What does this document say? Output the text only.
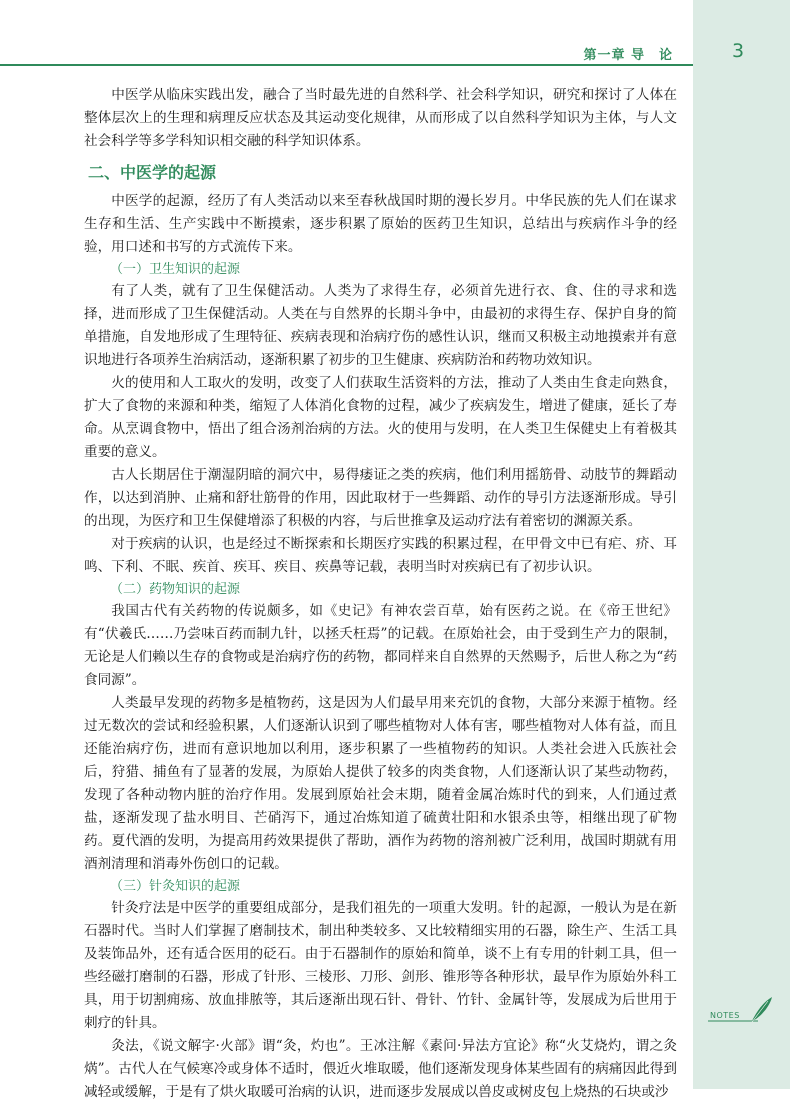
3
第一章 导　论

中医学从临床实践出发，融合了当时最先进的自然科学、社会科学知识，研究和探讨了人体在整体层次上的生理和病理反应状态及其运动变化规律，从而形成了以自然科学知识为主体，与人文社会科学等多学科知识相交融的科学知识体系。

二、中医学的起源

中医学的起源，经历了有人类活动以来至春秋战国时期的漫长岁月。中华民族的先人们在谋求生存和生活、生产实践中不断摸索，逐步积累了原始的医药卫生知识，总结出与疾病作斗争的经验，用口述和书写的方式流传下来。

（一）卫生知识的起源

有了人类，就有了卫生保健活动。人类为了求得生存，必须首先进行衣、食、住的寻求和选择，进而形成了卫生保健活动。人类在与自然界的长期斗争中，由最初的求得生存、保护自身的简单措施，自发地形成了生理特征、疾病表现和治病疗伤的感性认识，继而又积极主动地摸索并有意识地进行各项养生治病活动，逐渐积累了初步的卫生健康、疾病防治和药物功效知识。

火的使用和人工取火的发明，改变了人们获取生活资料的方法，推动了人类由生食走向熟食，扩大了食物的来源和种类，缩短了人体消化食物的过程，减少了疾病发生，增进了健康，延长了寿命。从烹调食物中，悟出了组合汤剂治病的方法。火的使用与发明，在人类卫生保健史上有着极其重要的意义。

古人长期居住于潮湿阴暗的洞穴中，易得痿证之类的疾病，他们利用摇筋骨、动肢节的舞蹈动作，以达到消肿、止痛和舒壮筋骨的作用，因此取材于一些舞蹈、动作的导引方法逐渐形成。导引的出现，为医疗和卫生保健增添了积极的内容，与后世推拿及运动疗法有着密切的渊源关系。

对于疾病的认识，也是经过不断探索和长期医疗实践的积累过程，在甲骨文中已有疟、疥、耳鸣、下利、不眠、疾首、疾耳、疾目、疾鼻等记载，表明当时对疾病已有了初步认识。

（二）药物知识的起源

我国古代有关药物的传说颇多，如《史记》有神农尝百草，始有医药之说。在《帝王世纪》有“伏羲氏……乃尝味百药而制九针，以拯夭枉焉”的记载。在原始社会，由于受到生产力的限制，无论是人们赖以生存的食物或是治病疗伤的药物，都同样来自自然界的天然赐予，后世人称之为“药食同源”。

人类最早发现的药物多是植物药，这是因为人们最早用来充饥的食物，大部分来源于植物。经过无数次的尝试和经验积累，人们逐渐认识到了哪些植物对人体有害，哪些植物对人体有益，而且还能治病疗伤，进而有意识地加以利用，逐步积累了一些植物药的知识。人类社会进入氏族社会后，狩猎、捕鱼有了显著的发展，为原始人提供了较多的肉类食物，人们逐渐认识了某些动物药，发现了各种动物内脏的治疗作用。发展到原始社会末期，随着金属冶炼时代的到来，人们通过煮盐，逐渐发现了盐水明目、芒硝泻下，通过冶炼知道了硫黄壮阳和水银杀虫等，相继出现了矿物药。夏代酒的发明，为提高用药效果提供了帮助，酒作为药物的溶剂被广泛利用，战国时期就有用酒剂清理和消毒外伤创口的记载。

（三）针灸知识的起源

针灸疗法是中医学的重要组成部分，是我们祖先的一项重大发明。针的起源，一般认为是在新石器时代。当时人们掌握了磨制技术，制出种类较多、又比较精细实用的石器，除生产、生活工具及装饰品外，还有适合医用的砭石。由于石器制作的原始和简单，谈不上有专用的针刺工具，但一些经磁打磨制的石器，形成了针形、三棱形、刀形、剑形、锥形等各种形状，最早作为原始外科工具，用于切割痈疡、放血排脓等，其后逐渐出现石针、骨针、竹针、金属针等，发展成为后世用于刺疗的针具。

灸法，《说文解字·火部》谓“灸，灼也”。王冰注解《素问·异法方宜论》称“火艾烧灼，谓之灸焫”。古代人在气候寒冷或身体不适时，偎近火堆取暖，他们逐渐发现身体某些固有的病痛因此得到减轻或缓解，于是有了烘火取暖可治病的认识，进而逐步发展成以兽皮或树皮包上烧热的石块或沙

NOTES
